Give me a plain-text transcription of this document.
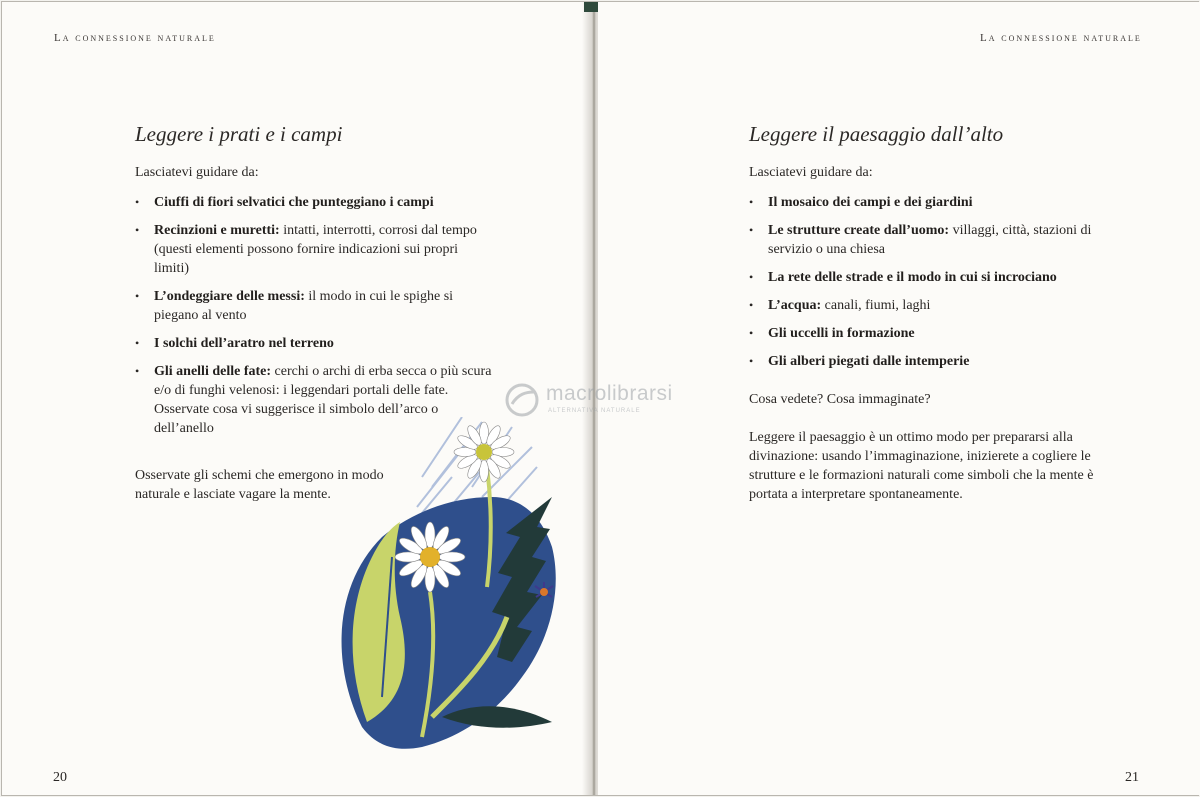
La connessione naturale
Leggere i prati e i campi

Lasciatevi guidare da:

• Ciuffi di fiori selvatici che punteggiano i campi
• Recinzioni e muretti: intatti, interrotti, corrosi dal tempo (questi elementi possono fornire indicazioni sui propri limiti)
• L’ondeggiare delle messi: il modo in cui le spighe si piegano al vento
• I solchi dell’aratro nel terreno
• Gli anelli delle fate: cerchi o archi di erba secca o più scura e/o di funghi velenosi: i leggendari portali delle fate. Osservate cosa vi suggerisce il simbolo dell’arco o dell’anello

Osservate gli schemi che emergono in modo naturale e lasciate vagare la mente.

20
La connessione naturale
Leggere il paesaggio dall’alto

Lasciatevi guidare da:

• Il mosaico dei campi e dei giardini
• Le strutture create dall’uomo: villaggi, città, stazioni di servizio o una chiesa
• La rete delle strade e il modo in cui si incrociano
• L’acqua: canali, fiumi, laghi
• Gli uccelli in formazione
• Gli alberi piegati dalle intemperie

Cosa vedete? Cosa immaginate?

Leggere il paesaggio è un ottimo modo per prepararsi alla divinazione: usando l’immaginazione, inizierete a cogliere le strutture e le formazioni naturali come simboli che la mente è portata a interpretare spontaneamente.

21
macrolibrarsi
ALTERNATIVA NATURALE
